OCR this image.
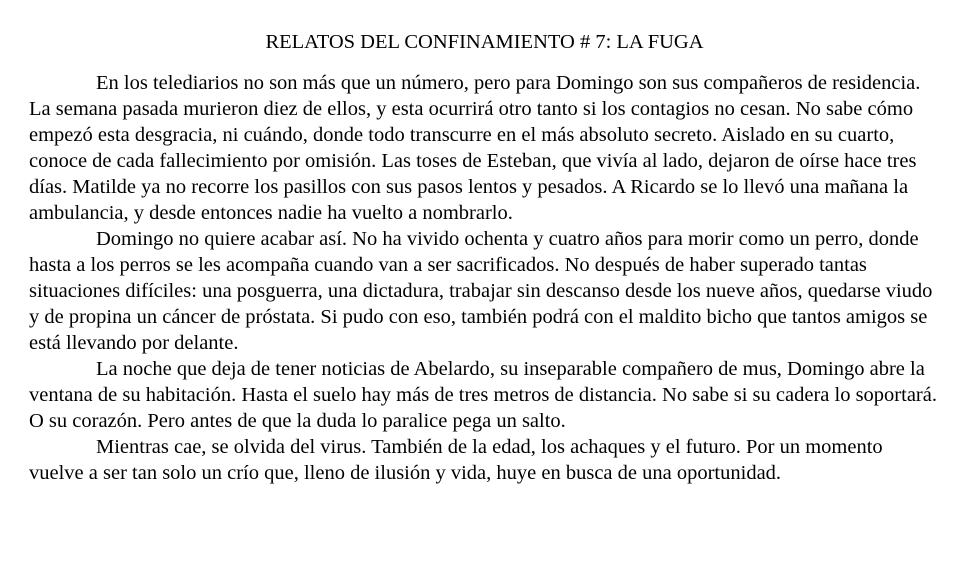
RELATOS DEL CONFINAMIENTO # 7: LA FUGA

En los telediarios no son más que un número, pero para Domingo son sus compañeros de residencia. La semana pasada murieron diez de ellos, y esta ocurrirá otro tanto si los contagios no cesan. No sabe cómo empezó esta desgracia, ni cuándo, donde todo transcurre en el más absoluto secreto. Aislado en su cuarto, conoce de cada fallecimiento por omisión. Las toses de Esteban, que vivía al lado, dejaron de oírse hace tres días. Matilde ya no recorre los pasillos con sus pasos lentos y pesados. A Ricardo se lo llevó una mañana la ambulancia, y desde entonces nadie ha vuelto a nombrarlo.

Domingo no quiere acabar así. No ha vivido ochenta y cuatro años para morir como un perro, donde hasta a los perros se les acompaña cuando van a ser sacrificados. No después de haber superado tantas situaciones difíciles: una posguerra, una dictadura, trabajar sin descanso desde los nueve años, quedarse viudo y de propina un cáncer de próstata. Si pudo con eso, también podrá con el maldito bicho que tantos amigos se está llevando por delante.

La noche que deja de tener noticias de Abelardo, su inseparable compañero de mus, Domingo abre la ventana de su habitación. Hasta el suelo hay más de tres metros de distancia. No sabe si su cadera lo soportará. O su corazón. Pero antes de que la duda lo paralice pega un salto.

Mientras cae, se olvida del virus. También de la edad, los achaques y el futuro. Por un momento vuelve a ser tan solo un crío que, lleno de ilusión y vida, huye en busca de una oportunidad.
